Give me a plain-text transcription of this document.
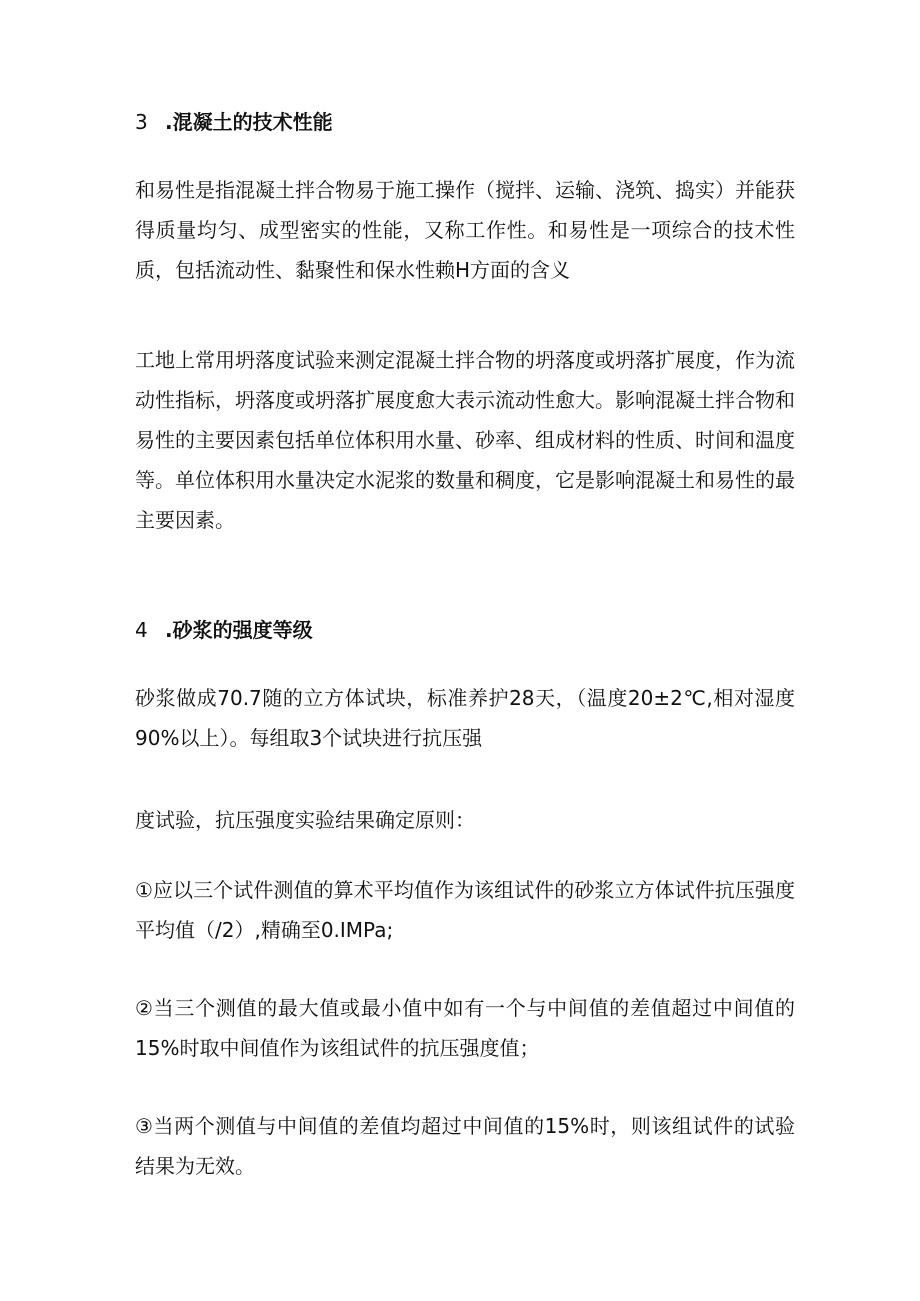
3 .混凝土的技术性能

和易性是指混凝土拌合物易于施工操作（搅拌、运输、浇筑、捣实）并能获得质量均匀、成型密实的性能，又称工作性。和易性是一项综合的技术性质，包括流动性、黏聚性和保水性赖H方面的含义

工地上常用坍落度试验来测定混凝土拌合物的坍落度或坍落扩展度，作为流动性指标，坍落度或坍落扩展度愈大表示流动性愈大。影响混凝土拌合物和易性的主要因素包括单位体积用水量、砂率、组成材料的性质、时间和温度等。单位体积用水量决定水泥浆的数量和稠度，它是影响混凝土和易性的最主要因素。

4 .砂浆的强度等级

砂浆做成70.7随的立方体试块，标准养护28天，（温度20±2℃,相对湿度90%以上）。每组取3个试块进行抗压强

度试验，抗压强度实验结果确定原则：

①应以三个试件测值的算术平均值作为该组试件的砂浆立方体试件抗压强度平均值（/2）,精确至0.IMPa;

②当三个测值的最大值或最小值中如有一个与中间值的差值超过中间值的15%时取中间值作为该组试件的抗压强度值；

③当两个测值与中间值的差值均超过中间值的15%时，则该组试件的试验结果为无效。
